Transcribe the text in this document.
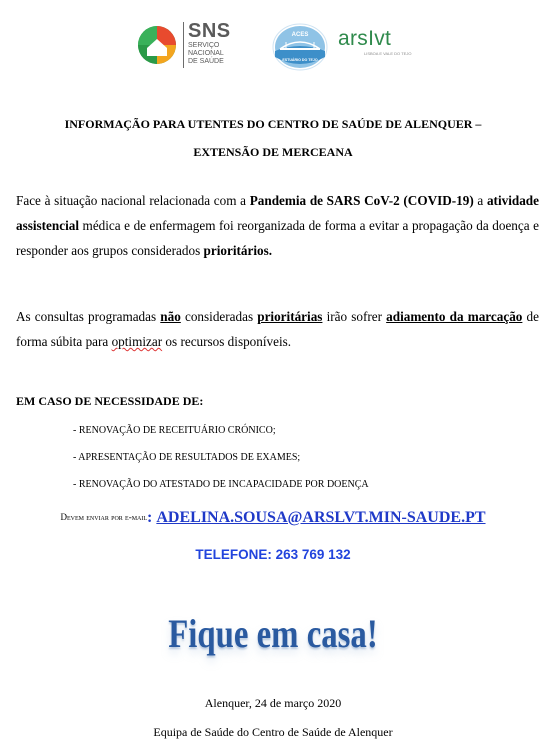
SNS
SERVIÇO NACIONAL
DE SAÚDE
ACES
ESTUÁRIO DO TEJO
arsIvt
LISBOA E VALE DO TEJO
INFORMAÇÃO PARA UTENTES DO CENTRO DE SAÚDE DE ALENQUER –
EXTENSÃO DE MERCEANA
Face à situação nacional relacionada com a Pandemia de SARS CoV-2 (COVID-19) a atividade assistencial médica e de enfermagem foi reorganizada de forma a evitar a propagação da doença e responder aos grupos considerados prioritários.
As consultas programadas não consideradas prioritárias irão sofrer adiamento da marcação de forma súbita para optimizar os recursos disponíveis.
EM CASO DE NECESSIDADE DE:
- RENOVAÇÃO DE RECEITUÁRIO CRÓNICO;
- APRESENTAÇÃO DE RESULTADOS DE EXAMES;
- RENOVAÇÃO DO ATESTADO DE INCAPACIDADE POR DOENÇA
Devem enviar por e-mail: ADELINA.SOUSA@ARSLVT.MIN-SAUDE.PT
TELEFONE: 263 769 132
Fique em casa!
Alenquer, 24 de março 2020
Equipa de Saúde do Centro de Saúde de Alenquer
